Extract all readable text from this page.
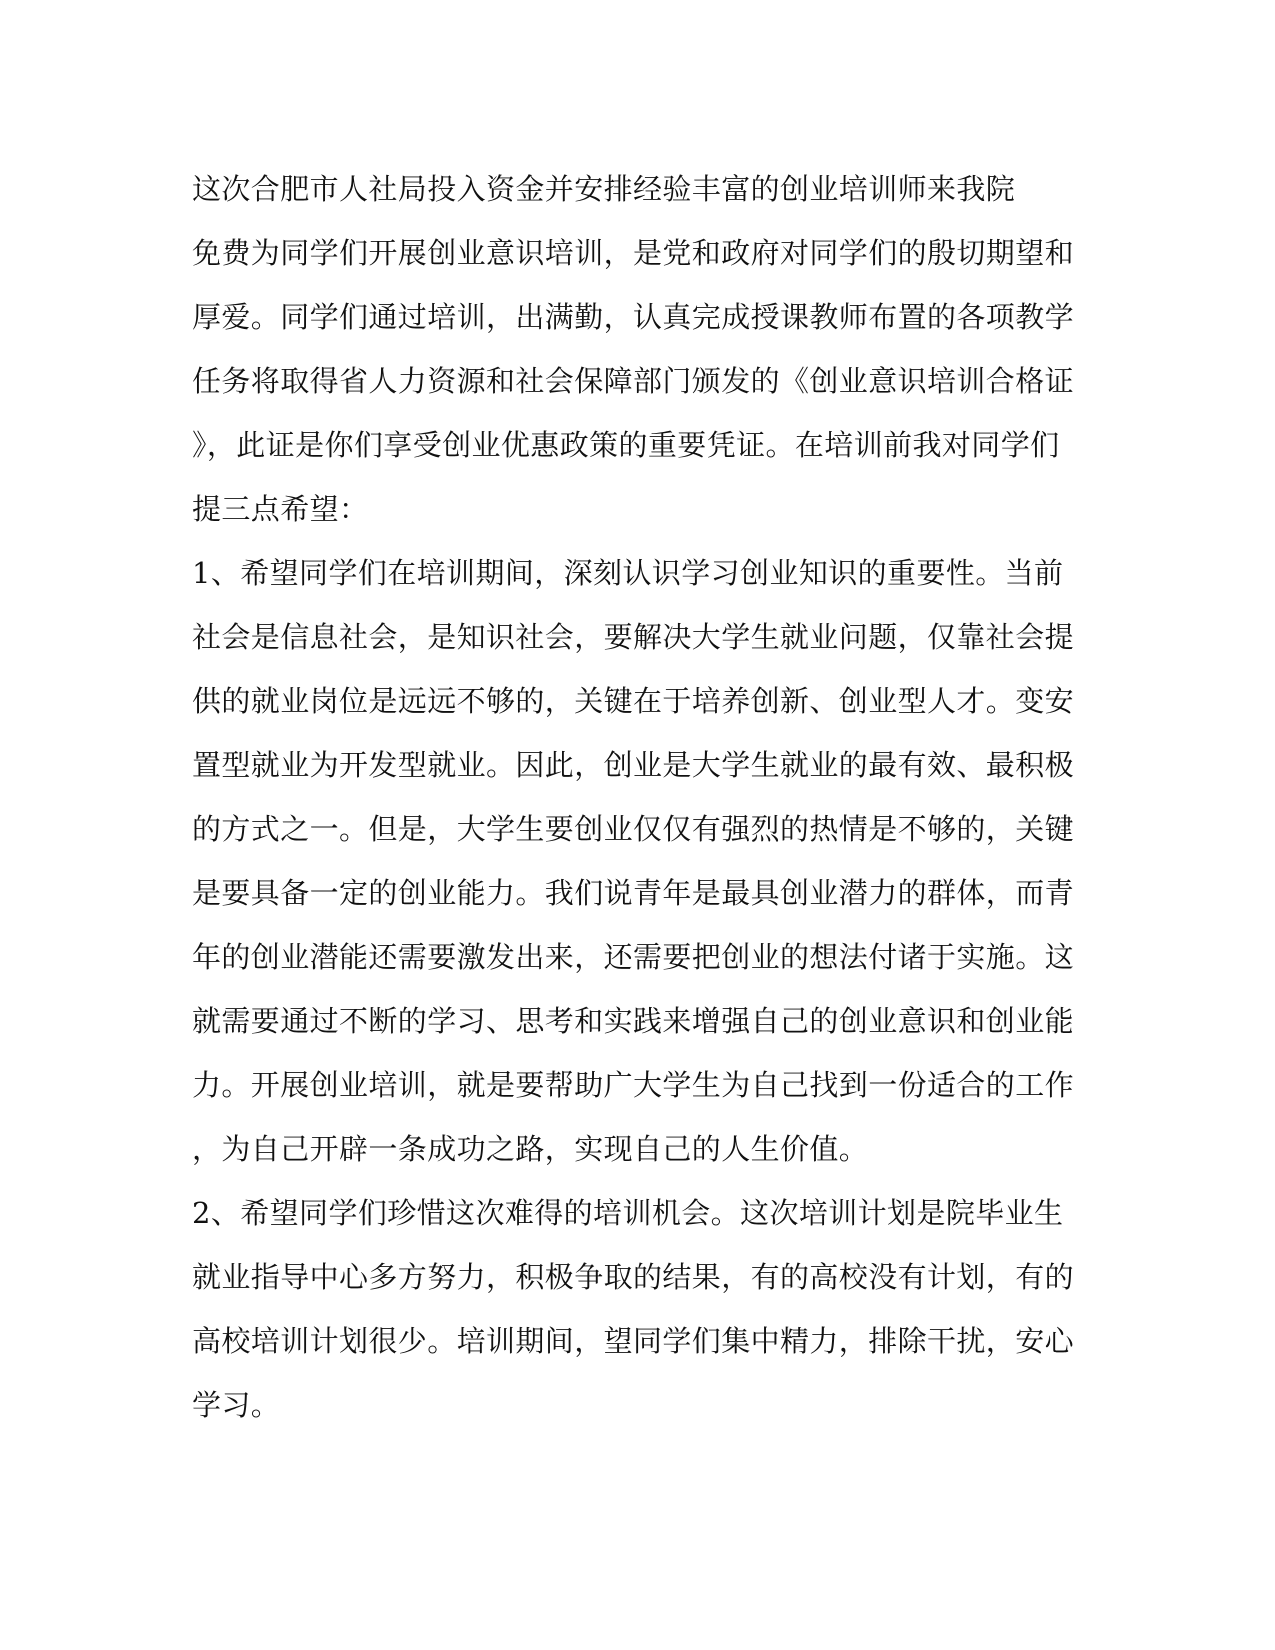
这次合肥市人社局投入资金并安排经验丰富的创业培训师来我院
免费为同学们开展创业意识培训，是党和政府对同学们的殷切期望和
厚爱。同学们通过培训，出满勤，认真完成授课教师布置的各项教学
任务将取得省人力资源和社会保障部门颁发的《创业意识培训合格证
》，此证是你们享受创业优惠政策的重要凭证。在培训前我对同学们
提三点希望：
1、希望同学们在培训期间，深刻认识学习创业知识的重要性。当前
社会是信息社会，是知识社会，要解决大学生就业问题，仅靠社会提
供的就业岗位是远远不够的，关键在于培养创新、创业型人才。变安
置型就业为开发型就业。因此，创业是大学生就业的最有效、最积极
的方式之一。但是，大学生要创业仅仅有强烈的热情是不够的，关键
是要具备一定的创业能力。我们说青年是最具创业潜力的群体，而青
年的创业潜能还需要激发出来，还需要把创业的想法付诸于实施。这
就需要通过不断的学习、思考和实践来增强自己的创业意识和创业能
力。开展创业培训，就是要帮助广大学生为自己找到一份适合的工作
，为自己开辟一条成功之路，实现自己的人生价值。
2、希望同学们珍惜这次难得的培训机会。这次培训计划是院毕业生
就业指导中心多方努力，积极争取的结果，有的高校没有计划，有的
高校培训计划很少。培训期间，望同学们集中精力，排除干扰，安心
学习。
